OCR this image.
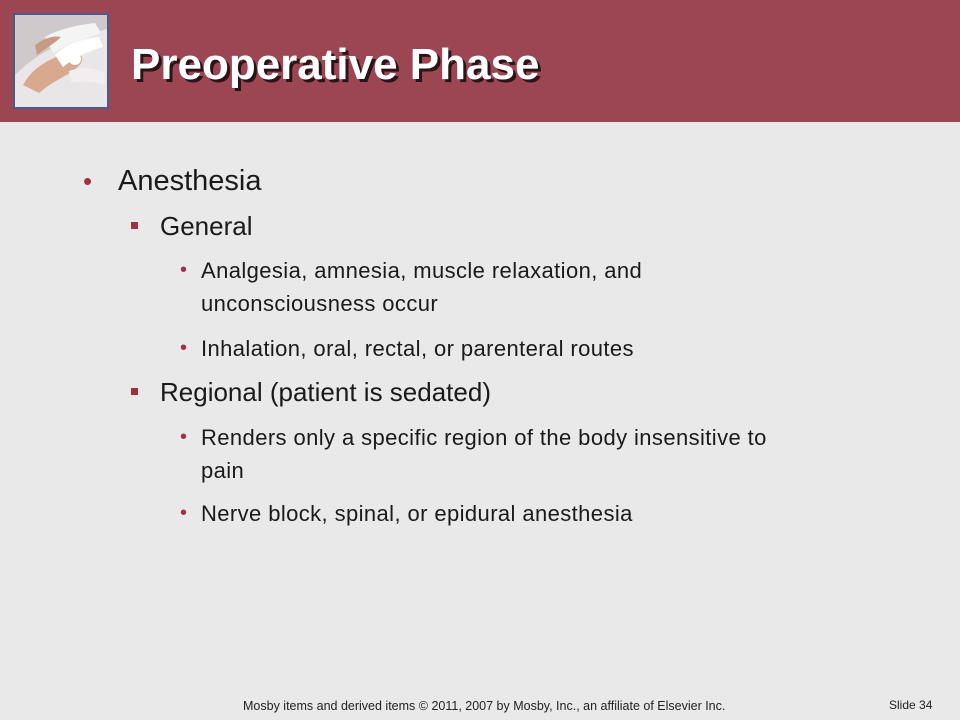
Preoperative Phase
• Anesthesia
General
• Analgesia, amnesia, muscle relaxation, and
unconsciousness occur
• Inhalation, oral, rectal, or parenteral routes
Regional (patient is sedated)
• Renders only a specific region of the body insensitive to
pain
• Nerve block, spinal, or epidural anesthesia
Mosby items and derived items © 2011, 2007 by Mosby, Inc., an affiliate of Elsevier Inc.	Slide 34
